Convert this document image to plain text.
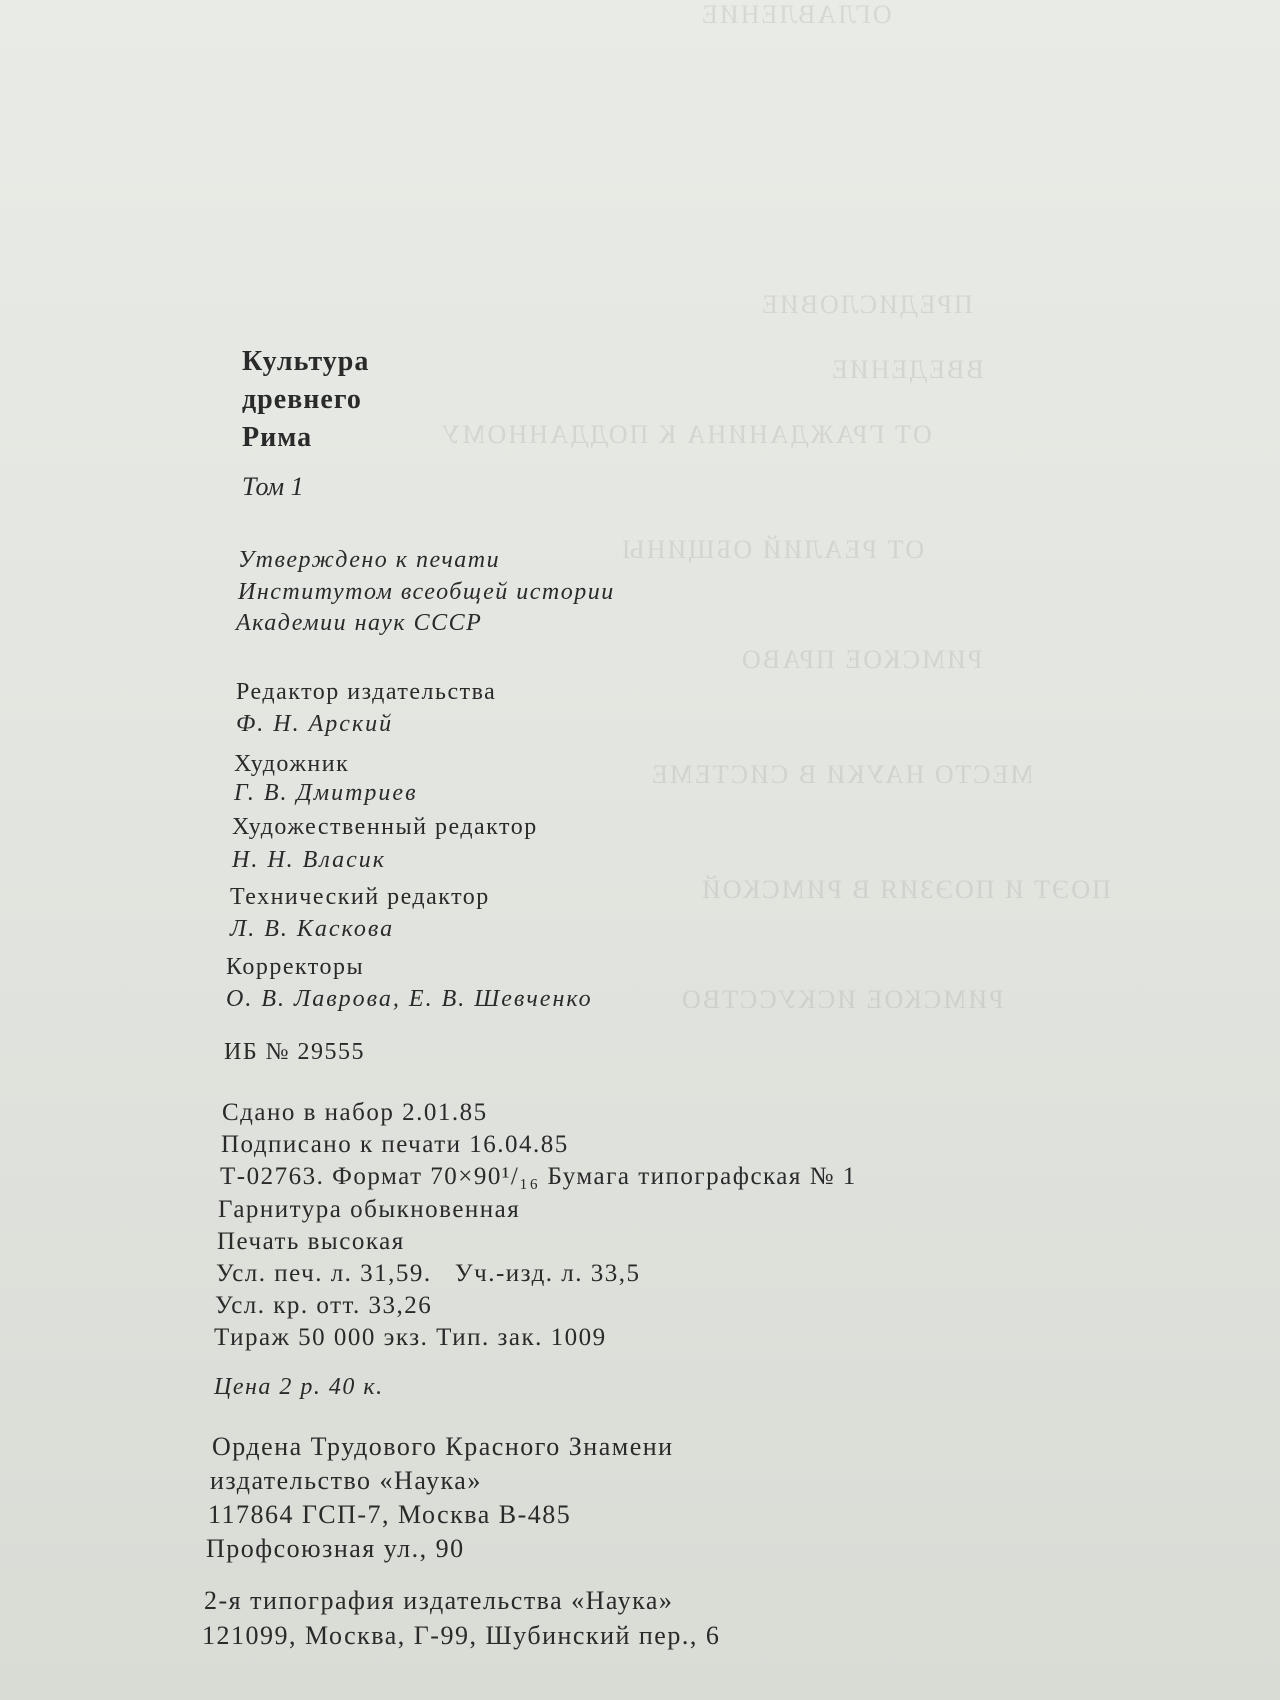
ОГЛАВЛЕНИЕ
ПРЕДИСЛОВИЕ
ВВЕДЕНИЕ
ОТ ГРАЖДАНИНА К ПОДДАННОМУ
ОТ РЕАЛИЙ ОБЩИНЫ
РИМСКОЕ ПРАВО
МЕСТО НАУКИ В СИСТЕМЕ
ПОЭТ И ПОЭЗИЯ В РИМСКОЙ
РИМСКОЕ ИСКУССТВО
Культура
древнего
Рима
Том 1
Утверждено к печати
Институтом всеобщей истории
Академии наук СССР
Редактор издательства
Ф. Н. Арский
Художник
Г. В. Дмитриев
Художественный редактор
Н. Н. Власик
Технический редактор
Л. В. Каскова
Корректоры
О. В. Лаврова, Е. В. Шевченко
ИБ № 29555
Сдано в набор 2.01.85
Подписано к печати 16.04.85
Т-02763. Формат 70×90¹/₁₆ Бумага типографская № 1
Гарнитура обыкновенная
Печать высокая
Усл. печ. л. 31,59.   Уч.-изд. л. 33,5
Усл. кр. отт. 33,26
Тираж 50 000 экз. Тип. зак. 1009
Цена 2 р. 40 к.
Ордена Трудового Красного Знамени
издательство «Наука»
117864 ГСП-7, Москва В-485
Профсоюзная ул., 90
2-я типография издательства «Наука»
121099, Москва, Г-99, Шубинский пер., 6
